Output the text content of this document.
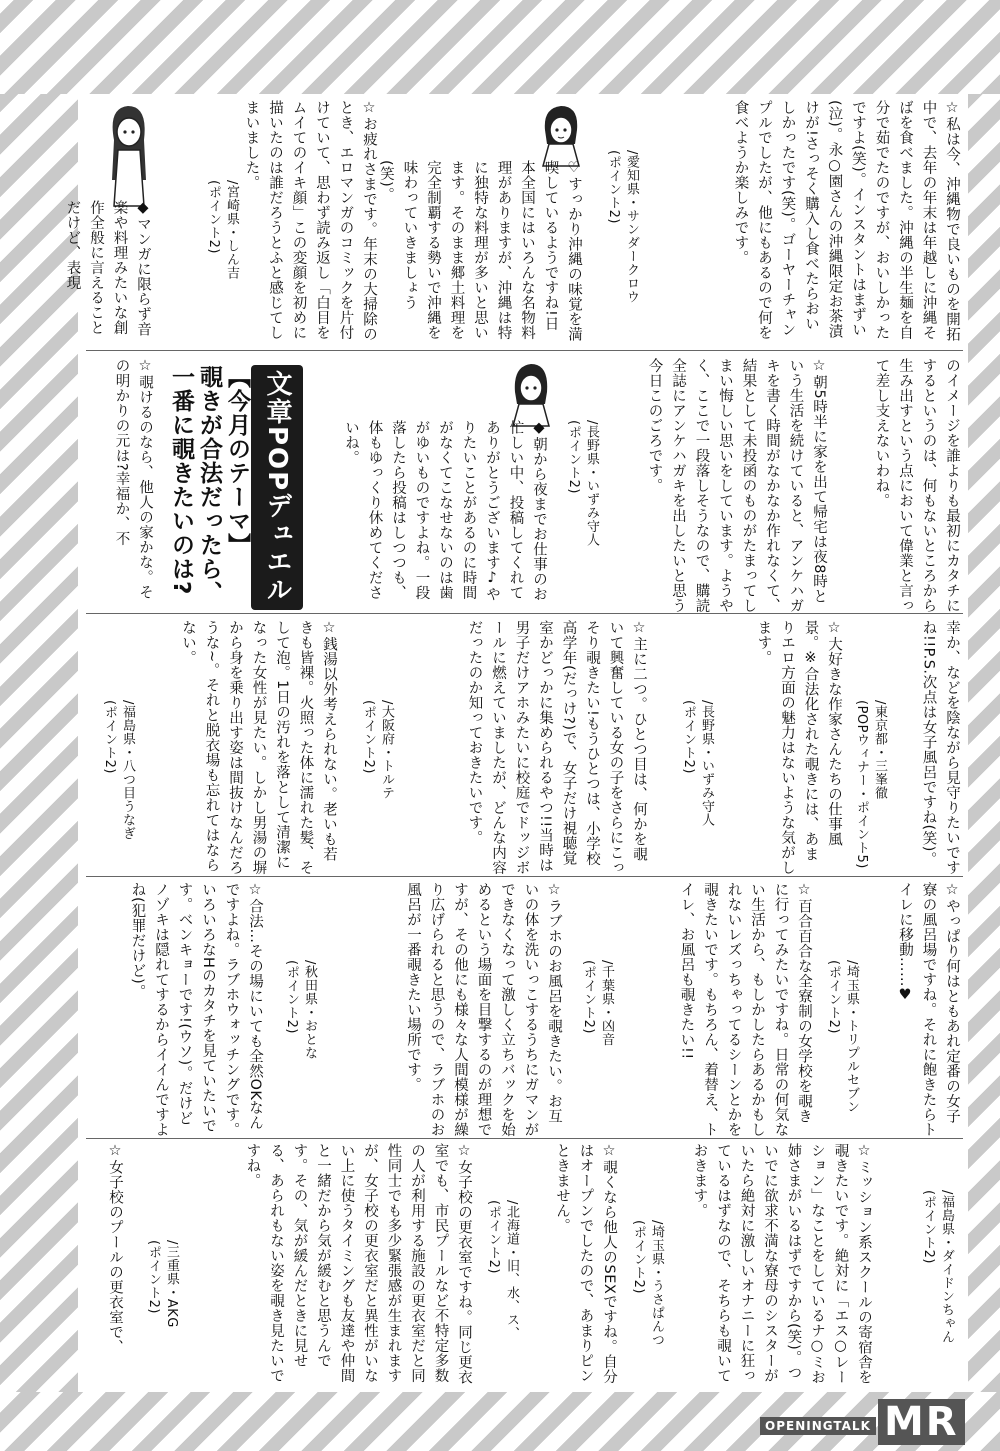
☆私は今、沖縄物で良いものを開拓中で、去年の年末は年越しに沖縄そばを食べました。沖縄の半生麺を自分で茹でたのですが、おいしかったですよ(笑)。インスタントはまずい(泣)。永○園さんの沖縄限定お茶漬けが!さっそく購入し食べたらおいしかったです(笑)。ゴーヤーチャンプルでしたが、他にもあるので何を食べようか楽しみです。
/愛知県・サンダークロウ
(ポイント2)
♡すっかり沖縄の味覚を満喫しているようですね!日本全国にはいろんな名物料理がありますが、沖縄は特に独特な料理が多いと思います。そのまま郷土料理を完全制覇する勢いで沖縄を味わっていきましょう(笑)。
☆お疲れさまです。年末の大掃除のとき、エロマンガのコミックを片付けていて、思わず読み返し「白目をムイてのイキ顔」この変顔を初めに描いたのは誰だろうとふと感じてしまいました。
/宮崎県・しん吉
(ポイント2)
◆マンガに限らず音楽や料理みたいな創作全般に言えることだけど、表現
のイメージを誰よりも最初にカタチにするというのは、何もないところから生み出すという点において偉業と言って差し支えないわね。
☆朝5時半に家を出て帰宅は夜8時という生活を続けていると、アンケハガキを書く時間がなかなか作れなくて、結果として未投函のものがたまってしまい悔しい思いをしています。ようやく、ここで一段落しそうなので、購読全誌にアンケハガキを出したいと思う今日このごろです。
/長野県・いずみ守人
(ポイント2)
◆朝から夜までお仕事のお忙しい中、投稿してくれてありがとうございます♪やりたいことがあるのに時間がなくてこなせないのは歯がゆいものですよね。一段落したら投稿はしつつも、体もゆっくり休めてくださいね。
文章POPデュエル
【今月のテーマ】
覗きが合法だったら、
一番に覗きたいのは?
☆覗けるのなら、他人の家かな。その明かりの元は?幸福か、不
幸か、などを陰ながら見守りたいですね!!P.S.次点は女子風呂ですね(笑)。
/東京都・三峯徹
(POPウィナー・ポイント5)
☆大好きな作家さんたちの仕事風景。※合法化された覗きには、あまりエロ方面の魅力はないような気がします。
/長野県・いずみ守人
(ポイント2)
☆主に二つ。ひとつ目は、何かを覗いて興奮している女の子をさらにこっそり覗きたい!もうひとつは、小学校高学年(だっけ?)で、女子だけ視聴覚室かどっかに集められるやつ!!当時は男子だけアホみたいに校庭でドッジボールに燃えていましたが、どんな内容だったのか知っておきたいです。
/大阪府・トルテ
(ポイント2)
☆銭湯以外考えられない。老いも若きも皆裸。火照った体に濡れた髪、そして泡。1日の汚れを落として清潔になった女性が見たい。しかし男湯の塀から身を乗り出す姿は間抜けなんだろうな~。それと脱衣場も忘れてはならない。
/福島県・八つ目うなぎ
(ポイント2)
☆やっぱり何はともあれ定番の女子寮の風呂場ですね。それに飽きたらトイレに移動……♥
/埼玉県・トリプルセブン
(ポイント2)
☆百合百合な全寮制の女学校を覗きに行ってみたいですね。日常の何気ない生活から、もしかしたらあるかもしれないレズっちゃってるシーンとかを覗きたいです。もちろん、着替え、トイレ、お風呂も覗きたい!!
/千葉県・凶音
(ポイント2)
☆ラブホのお風呂を覗きたい。お互いの体を洗いっこするうちにガマンができなくなって激しく立ちバックを始めるという場面を目撃するのが理想ですが、その他にも様々な人間模様が繰り広げられると思うので、ラブホのお風呂が一番覗きたい場所です。
/秋田県・おとな
(ポイント2)
☆合法…その場にいても全然OKなんですよね。ラブホウォッチングです。いろいろなHのカタチを見ていたいです。ベンキョーです!(ウソ)。だけどノゾキは隠れてするからイイんですよね(犯罪だけど)。
/福島県・ダイドンちゃん
(ポイント2)
☆ミッション系スクールの寄宿舎を覗きたいです。絶対に「エス○レーション」なことをしているナ○ミお姉さまがいるはずですから(笑)。ついでに欲求不満な寮母のシスターがいたら絶対に激しいオナニーに狂っているはずなので、そちらも覗いておきます。
/埼玉県・うさぱんつ
(ポイント2)
☆覗くなら他人のSEXですね。自分はオープンでしたので、あまりピンときません。
/北海道・旧、水、ス、
(ポイント2)
☆女子校の更衣室ですね。同じ更衣室でも、市民プールなど不特定多数の人が利用する施設の更衣室だと同性同士でも多少緊張感が生まれますが、女子校の更衣室だと異性がいない上に使うタイミングも友達や仲間と一緒だから気が緩むと思うんです。その、気が緩んだときに見せる、あられもない姿を覗き見たいですね。
/三重県・AKG
(ポイント2)
☆女子校のプールの更衣室で、
OPENINGTALK MR
